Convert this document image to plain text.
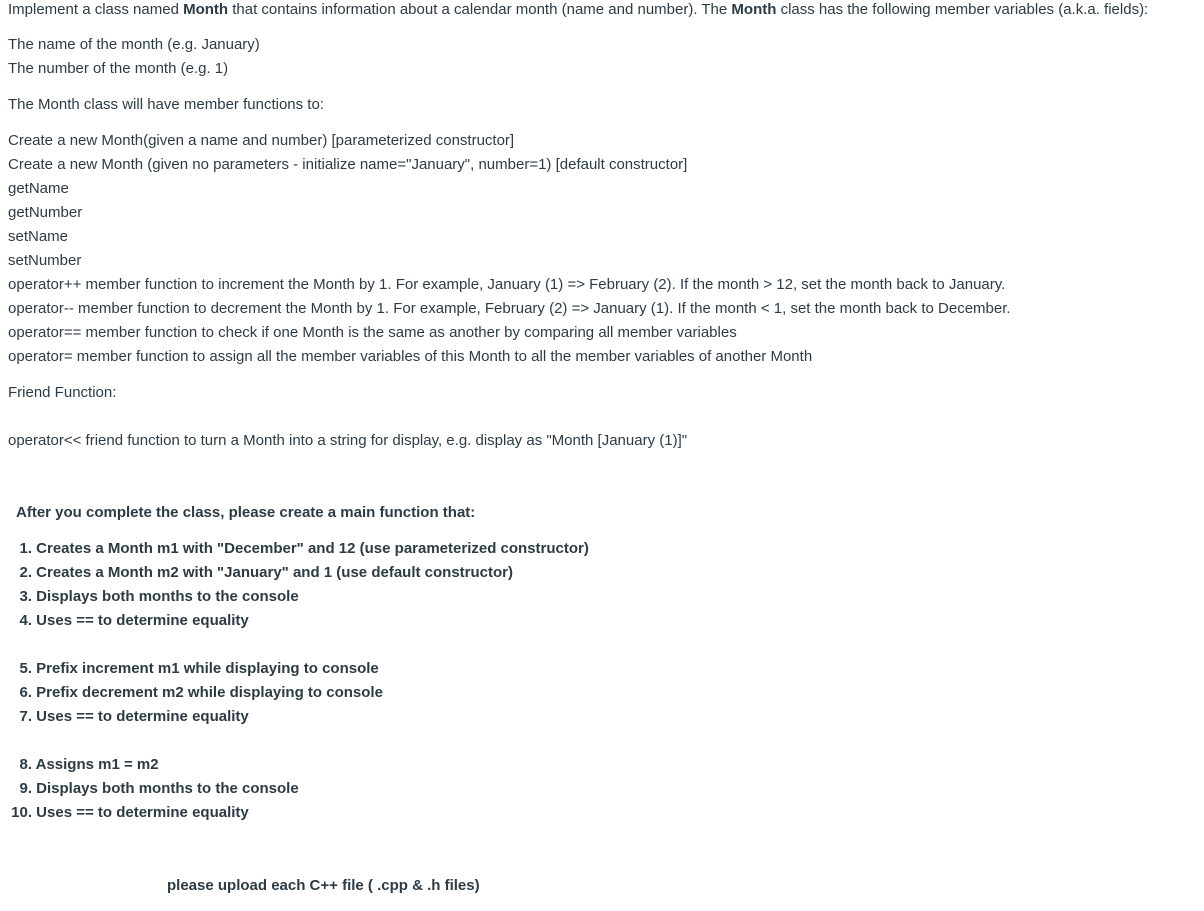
Implement a class named Month that contains information about a calendar month (name and number). The Month class has the following member variables (a.k.a. fields):
The name of the month (e.g. January)
The number of the month (e.g. 1)
The Month class will have member functions to:
Create a new Month(given a name and number) [parameterized constructor]
Create a new Month (given no parameters - initialize name="January", number=1) [default constructor]
getName
getNumber
setName
setNumber
operator++ member function to increment the Month by 1. For example, January (1) => February (2). If the month > 12, set the month back to January.
operator-- member function to decrement the Month by 1. For example, February (2) => January (1). If the month < 1, set the month back to December.
operator== member function to check if one Month is the same as another by comparing all member variables
operator= member function to assign all the member variables of this Month to all the member variables of another Month
Friend Function:
operator<< friend function to turn a Month into a string for display, e.g. display as "Month [January (1)]"
After you complete the class, please create a main function that:
1. Creates a Month m1 with "December" and 12 (use parameterized constructor)
2. Creates a Month m2 with "January" and 1 (use default constructor)
3. Displays both months to the console
4. Uses == to determine equality
5. Prefix increment m1 while displaying to console
6. Prefix decrement m2 while displaying to console
7. Uses == to determine equality
8. Assigns m1 = m2
9. Displays both months to the console
10. Uses == to determine equality
please upload each C++ file ( .cpp & .h files)
